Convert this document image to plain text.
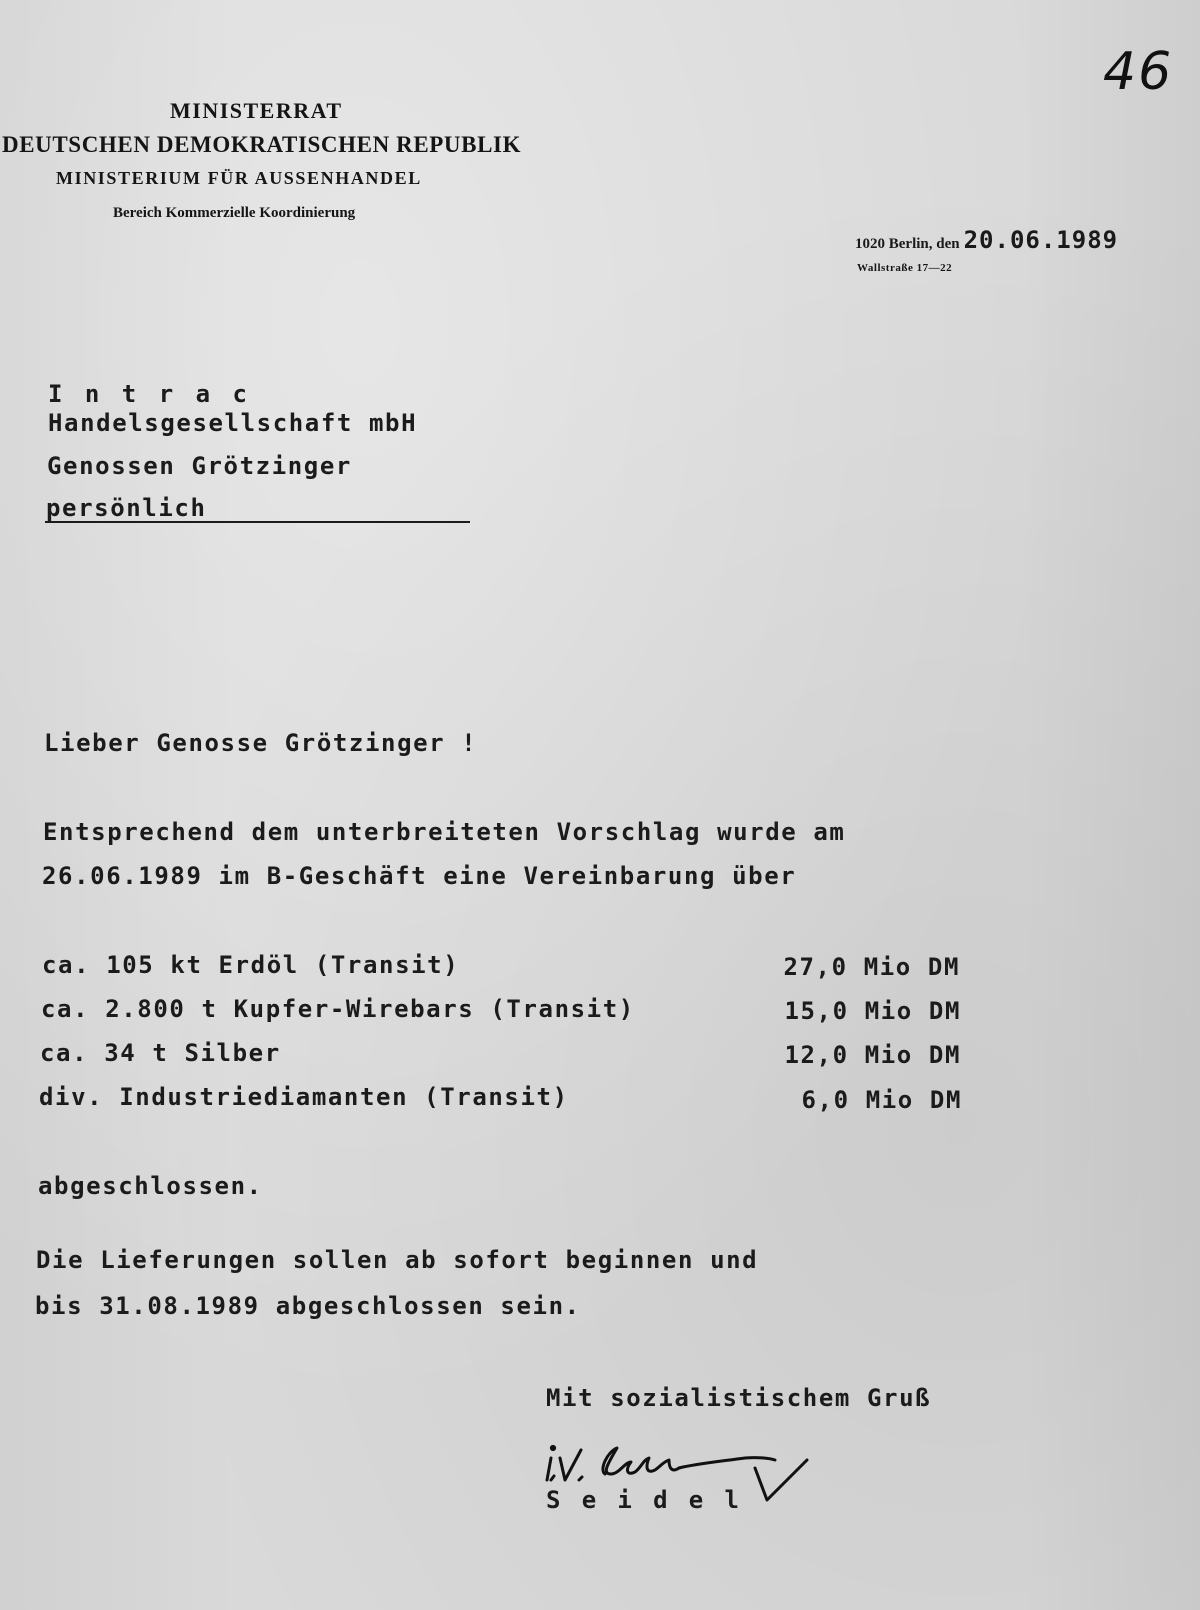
46
MINISTERRAT
DEUTSCHEN DEMOKRATISCHEN REPUBLIK
MINISTERIUM FÜR AUSSENHANDEL
Bereich Kommerzielle Koordinierung
1020 Berlin, den 20.06.1989
Wallstraße 17—22
I n t r a c
Handelsgesellschaft mbH
Genossen Grötzinger
persönlich
Lieber Genosse Grötzinger !
Entsprechend dem unterbreiteten Vorschlag wurde am
26.06.1989 im B-Geschäft eine Vereinbarung über
ca. 105 kt Erdöl (Transit)	27,0 Mio DM
ca. 2.800 t Kupfer-Wirebars (Transit)	15,0 Mio DM
ca. 34 t Silber	12,0 Mio DM
div. Industriediamanten (Transit)	6,0 Mio DM
abgeschlossen.
Die Lieferungen sollen ab sofort beginnen und
bis 31.08.1989 abgeschlossen sein.
Mit sozialistischem Gruß
S e i d e l
